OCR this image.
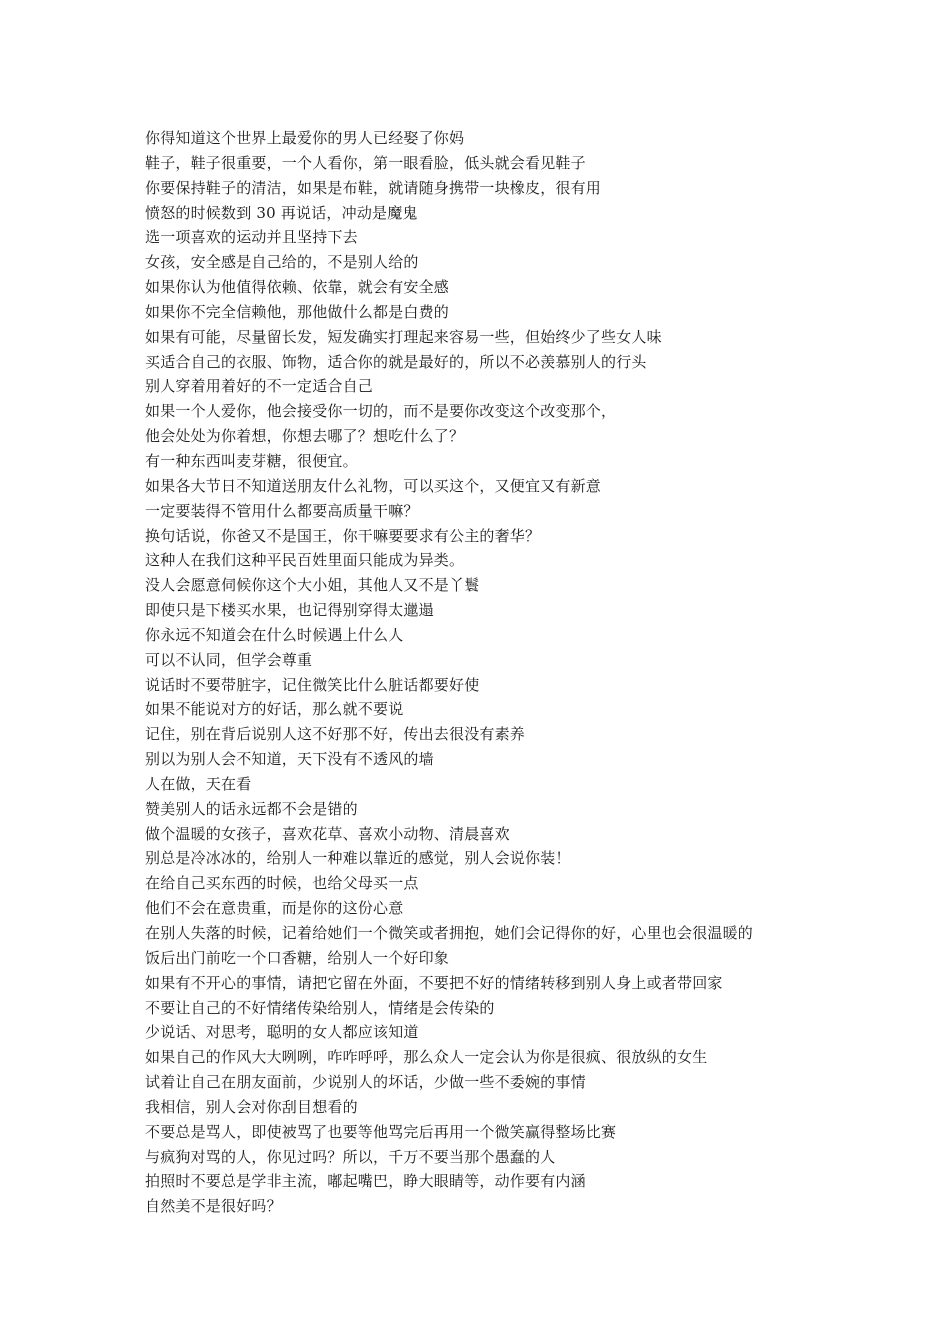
你得知道这个世界上最爱你的男人已经娶了你妈
鞋子，鞋子很重要，一个人看你，第一眼看脸，低头就会看见鞋子
你要保持鞋子的清洁，如果是布鞋，就请随身携带一块橡皮，很有用
愤怒的时候数到 30 再说话，冲动是魔鬼
选一项喜欢的运动并且坚持下去
女孩，安全感是自己给的，不是别人给的
如果你认为他值得依赖、依靠，就会有安全感
如果你不完全信赖他，那他做什么都是白费的
如果有可能，尽量留长发，短发确实打理起来容易一些，但始终少了些女人味
买适合自己的衣服、饰物，适合你的就是最好的，所以不必羡慕别人的行头
别人穿着用着好的不一定适合自己
如果一个人爱你，他会接受你一切的，而不是要你改变这个改变那个，
他会处处为你着想，你想去哪了？想吃什么了？
有一种东西叫麦芽糖，很便宜。
如果各大节日不知道送朋友什么礼物，可以买这个，又便宜又有新意
一定要装得不管用什么都要高质量干嘛？
换句话说，你爸又不是国王，你干嘛要要求有公主的奢华？
这种人在我们这种平民百姓里面只能成为异类。
没人会愿意伺候你这个大小姐，其他人又不是丫鬟
即使只是下楼买水果，也记得别穿得太邋遢
你永远不知道会在什么时候遇上什么人
可以不认同，但学会尊重
说话时不要带脏字，记住微笑比什么脏话都要好使
如果不能说对方的好话，那么就不要说
记住，别在背后说别人这不好那不好，传出去很没有素养
别以为别人会不知道，天下没有不透风的墙
人在做，天在看
赞美别人的话永远都不会是错的
做个温暖的女孩子，喜欢花草、喜欢小动物、清晨喜欢
别总是冷冰冰的，给别人一种难以靠近的感觉，别人会说你装！
在给自己买东西的时候，也给父母买一点
他们不会在意贵重，而是你的这份心意
在别人失落的时候，记着给她们一个微笑或者拥抱，她们会记得你的好，心里也会很温暖的
饭后出门前吃一个口香糖，给别人一个好印象
如果有不开心的事情，请把它留在外面，不要把不好的情绪转移到别人身上或者带回家
不要让自己的不好情绪传染给别人，情绪是会传染的
少说话、对思考，聪明的女人都应该知道
如果自己的作风大大咧咧，咋咋呼呼，那么众人一定会认为你是很疯、很放纵的女生
试着让自己在朋友面前，少说别人的坏话，少做一些不委婉的事情
我相信，别人会对你刮目想看的
不要总是骂人，即使被骂了也要等他骂完后再用一个微笑赢得整场比赛
与疯狗对骂的人，你见过吗？所以，千万不要当那个愚蠢的人
拍照时不要总是学非主流，嘟起嘴巴，睁大眼睛等，动作要有内涵
自然美不是很好吗？
